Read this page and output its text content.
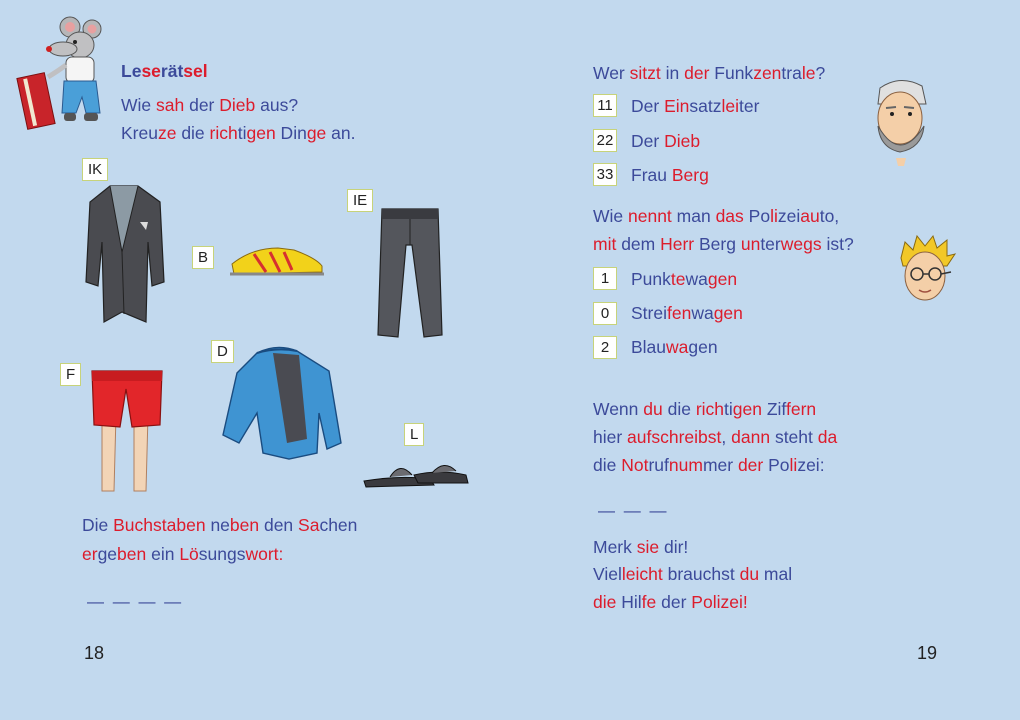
Leserätsel
Wie sah der Dieb aus?
Kreuze die richtigen Dinge an.
IK
B
IE
D
F
L
Die Buchstaben neben den Sachen
ergeben ein Lösungswort:
— — — —
18
Wer sitzt in der Funkzentrale?
11 Der Einsatzleiter
22 Der Dieb
33 Frau Berg
Wie nennt man das Polizeiauto,
mit dem Herr Berg unterwegs ist?
1	Punktewagen
0	Streifenwagen
2	Blauwagen
Wenn du die richtigen Ziffern
hier aufschreibst, dann steht da
die Notrufnummer der Polizei:
— — —
Merk sie dir!
Vielleicht brauchst du mal
die Hilfe der Polizei!
19
